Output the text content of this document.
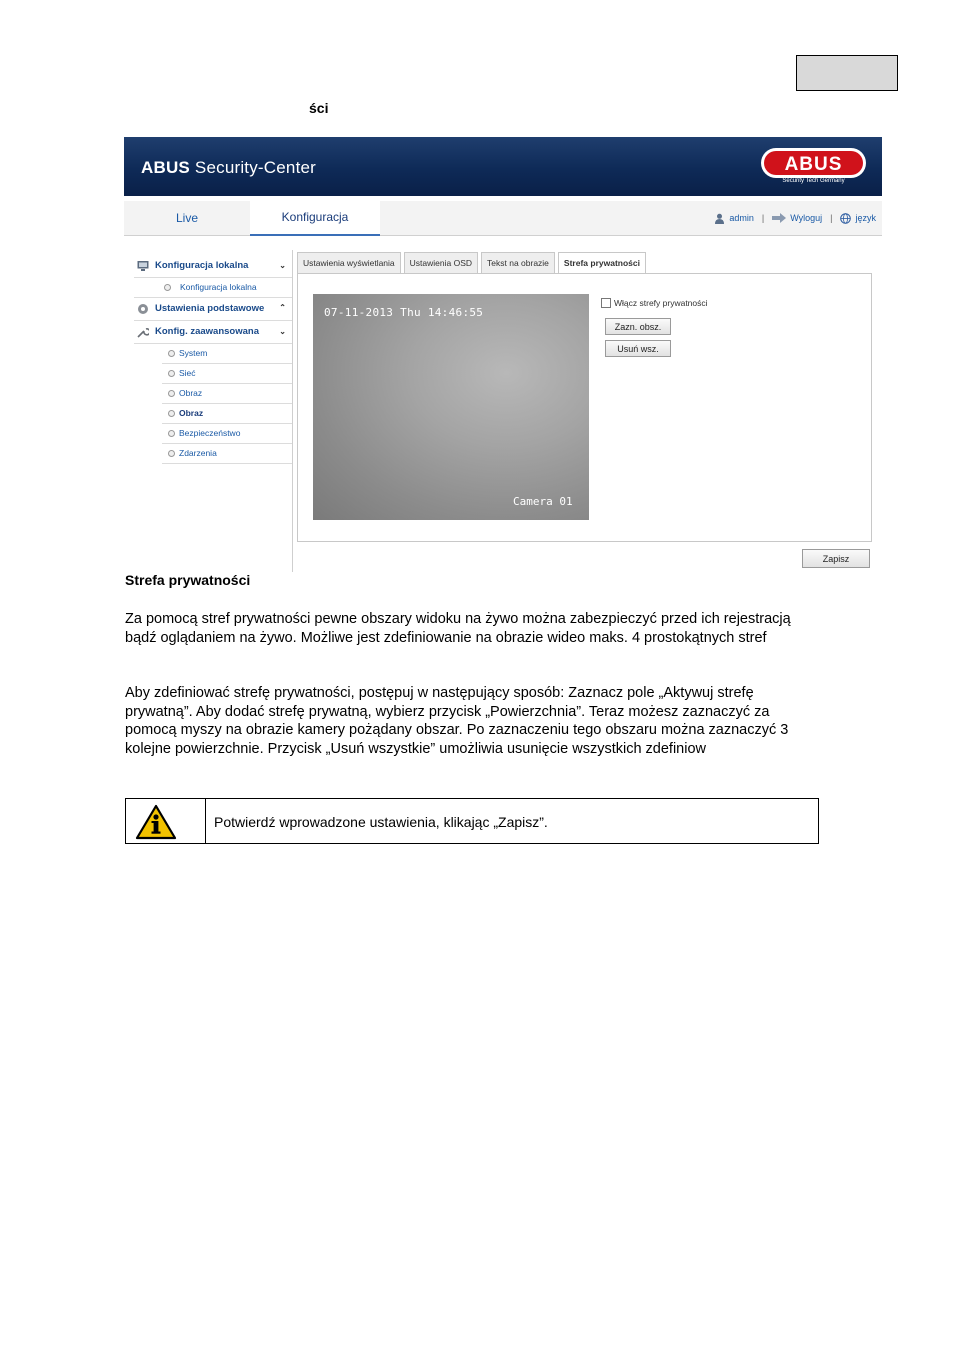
ści
ABUS Security-Center	ABUS
Security Tech Germany
Live	Konfiguracja	admin |	Wyloguj |	język
Konfiguracja lokalna	⌄
Konfiguracja lokalna
Ustawienia podstawowe ⌃
Konfig. zaawansowana	⌄
System
Sieć
Obraz
Obraz
Bezpieczeństwo
Zdarzenia
Ustawienia wyświetlania	Ustawienia OSD	Tekst na obrazie	Strefa prywatności
07-11-2013 Thu 14:46:55
Camera 01
Włącz strefy prywatności
Zazn. obsz.
Usuń wsz.
Zapisz
Strefa prywatności
Za pomocą stref prywatności pewne obszary widoku na żywo można zabezpieczyć przed ich rejestracją
bądź oglądaniem na żywo. Możliwe jest zdefiniowanie na obrazie wideo maks. 4 prostokątnych stref
Aby zdefiniować strefę prywatności, postępuj w następujący sposób: Zaznacz pole „Aktywuj strefę
prywatną”. Aby dodać strefę prywatną, wybierz przycisk „Powierzchnia”. Teraz możesz zaznaczyć za
pomocą myszy na obrazie kamery pożądany obszar. Po zaznaczeniu tego obszaru można zaznaczyć 3
kolejne powierzchnie. Przycisk „Usuń wszystkie” umożliwia usunięcie wszystkich zdefiniow
Potwierdź wprowadzone ustawienia, klikając „Zapisz”.
